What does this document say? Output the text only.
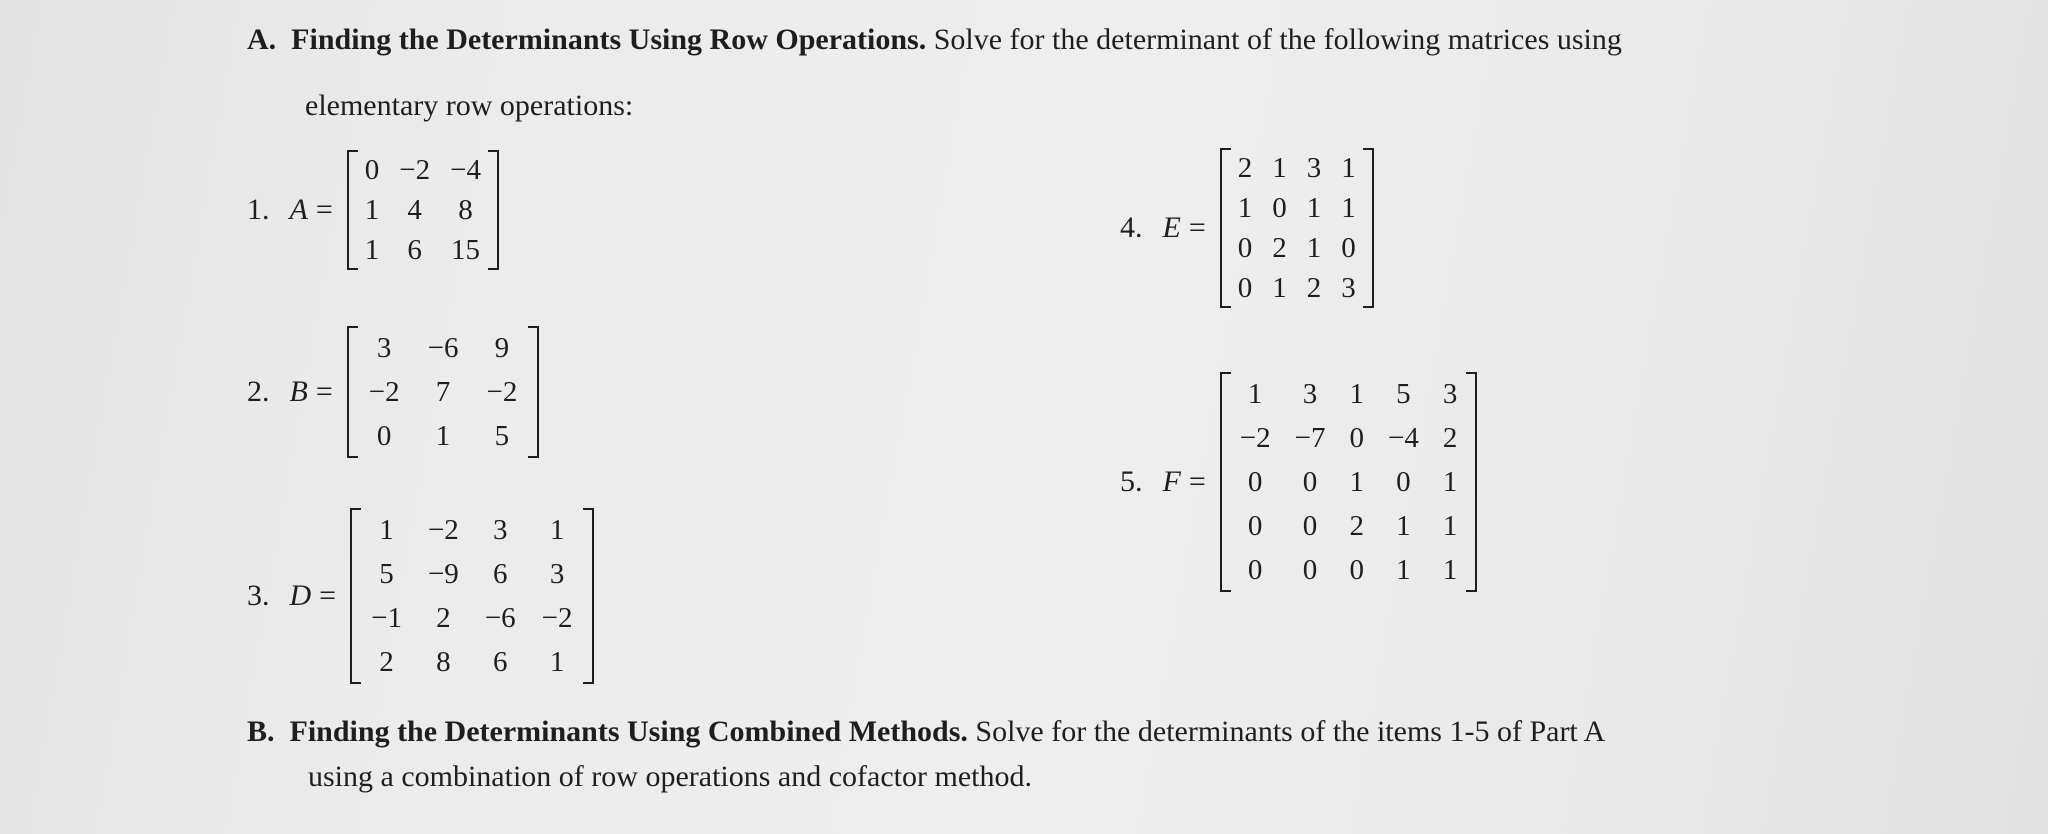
A. Finding the Determinants Using Row Operations. Solve for the determinant of the following matrices using
elementary row operations:
1. A =
0	−2	−4
1	4	8
1	6	15
2. B =
3	−6	9
−2	7	−2
0	1	5
3. D =
1	−2	3	1
5	−9	6	3
−1	2	−6	−2
2	8	6	1
4. E =
2	1	3	1
1	0	1	1
0	2	1	0
0	1	2	3
5. F =
1	3	1	5	3
−2	−7	0	−4	2
0	0	1	0	1
0	0	2	1	1
0	0	0	1	1
B. Finding the Determinants Using Combined Methods. Solve for the determinants of the items 1-5 of Part A
using a combination of row operations and cofactor method.
